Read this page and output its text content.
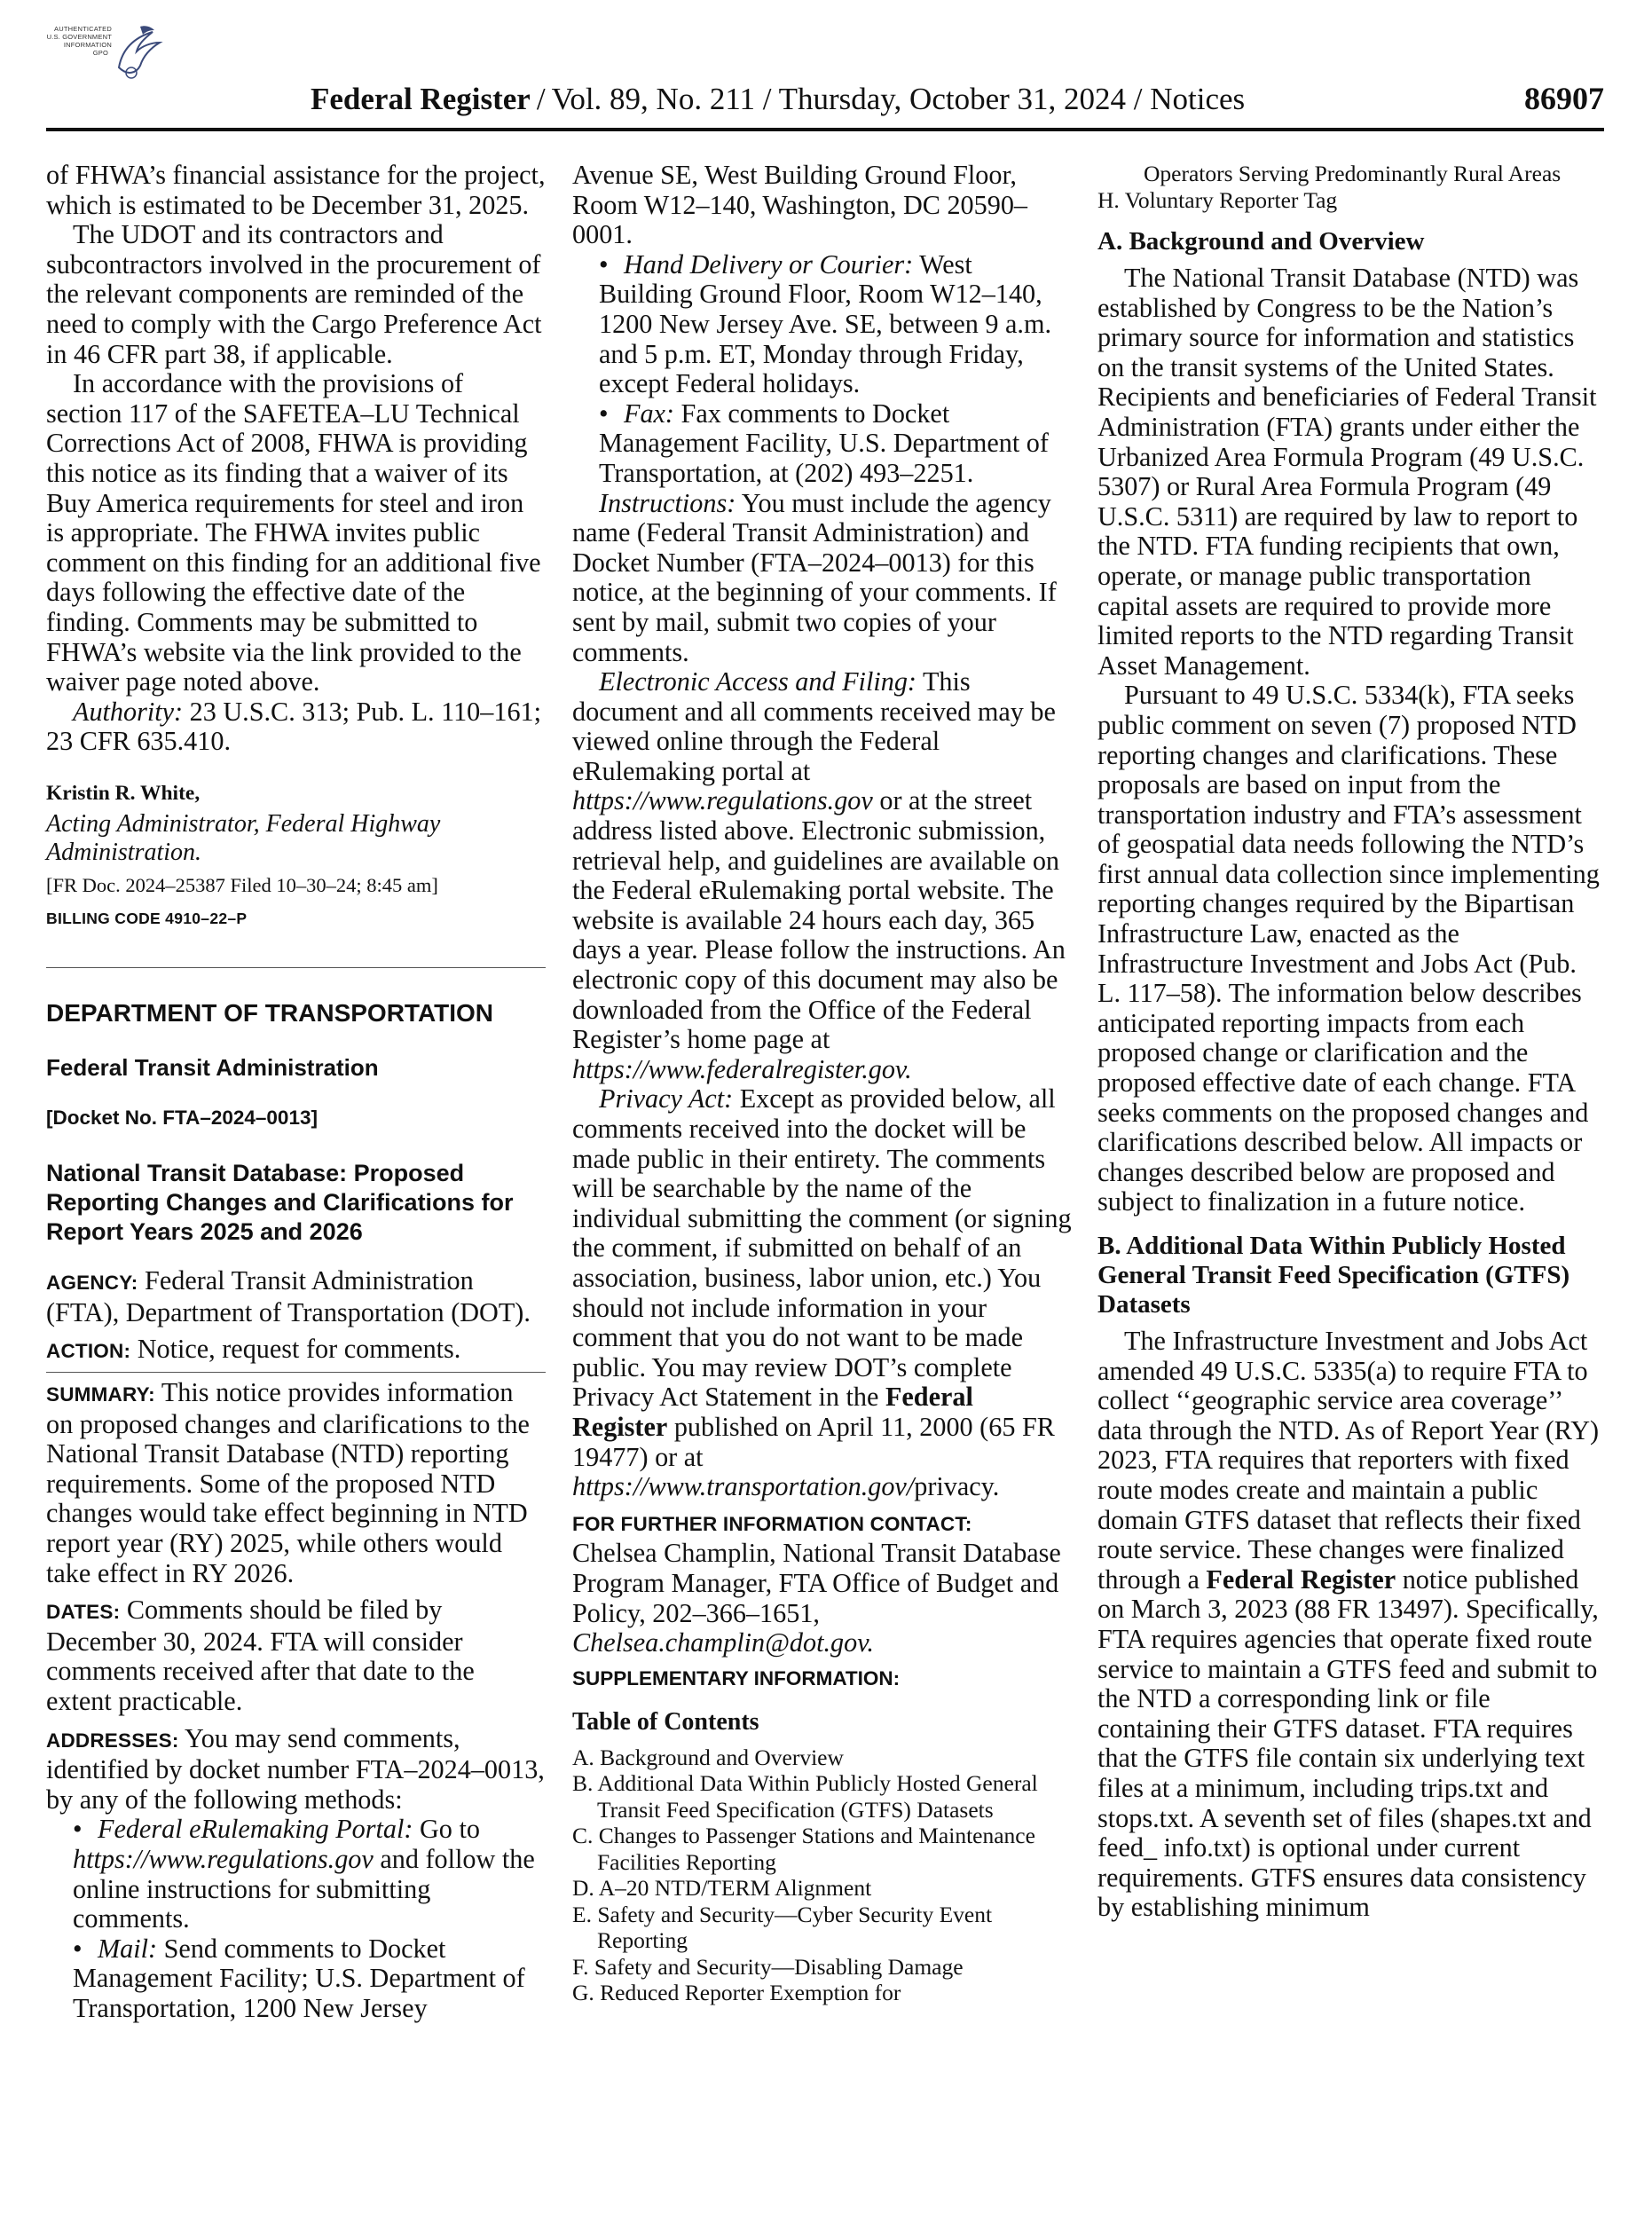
AUTHENTICATED
U.S. GOVERNMENT
INFORMATION
GPO
Federal Register / Vol. 89, No. 211 / Thursday, October 31, 2024 / Notices	86907

of FHWA’s financial assistance for the project, which is estimated to be December 31, 2025.

The UDOT and its contractors and subcontractors involved in the procurement of the relevant components are reminded of the need to comply with the Cargo Preference Act in 46 CFR part 38, if applicable.

In accordance with the provisions of section 117 of the SAFETEA–LU Technical Corrections Act of 2008, FHWA is providing this notice as its finding that a waiver of its Buy America requirements for steel and iron is appropriate. The FHWA invites public comment on this finding for an additional five days following the effective date of the finding. Comments may be submitted to FHWA’s website via the link provided to the waiver page noted above.

Authority: 23 U.S.C. 313; Pub. L. 110–161; 23 CFR 635.410.

Kristin R. White,
Acting Administrator, Federal Highway Administration.
[FR Doc. 2024–25387 Filed 10–30–24; 8:45 am]
BILLING CODE 4910–22–P
DEPARTMENT OF TRANSPORTATION
Federal Transit Administration
[Docket No. FTA–2024–0013]
National Transit Database: Proposed Reporting Changes and Clarifications for Report Years 2025 and 2026

AGENCY: Federal Transit Administration (FTA), Department of Transportation (DOT).

ACTION: Notice, request for comments.

SUMMARY: This notice provides information on proposed changes and clarifications to the National Transit Database (NTD) reporting requirements. Some of the proposed NTD changes would take effect beginning in NTD report year (RY) 2025, while others would take effect in RY 2026.

DATES: Comments should be filed by December 30, 2024. FTA will consider comments received after that date to the extent practicable.

ADDRESSES: You may send comments, identified by docket number FTA–2024–0013, by any of the following methods:

• Federal eRulemaking Portal: Go to https://www.regulations.gov and follow the online instructions for submitting comments.

• Mail: Send comments to Docket Management Facility; U.S. Department of Transportation, 1200 New Jersey

Avenue SE, West Building Ground Floor, Room W12–140, Washington, DC 20590–0001.

• Hand Delivery or Courier: West Building Ground Floor, Room W12–140, 1200 New Jersey Ave. SE, between 9 a.m. and 5 p.m. ET, Monday through Friday, except Federal holidays.

• Fax: Fax comments to Docket Management Facility, U.S. Department of Transportation, at (202) 493–2251.

Instructions: You must include the agency name (Federal Transit Administration) and Docket Number (FTA–2024–0013) for this notice, at the beginning of your comments. If sent by mail, submit two copies of your comments.

Electronic Access and Filing: This document and all comments received may be viewed online through the Federal eRulemaking portal at https://www.regulations.gov or at the street address listed above. Electronic submission, retrieval help, and guidelines are available on the Federal eRulemaking portal website. The website is available 24 hours each day, 365 days a year. Please follow the instructions. An electronic copy of this document may also be downloaded from the Office of the Federal Register’s home page at https://www.federalregister.gov.

Privacy Act: Except as provided below, all comments received into the docket will be made public in their entirety. The comments will be searchable by the name of the individual submitting the comment (or signing the comment, if submitted on behalf of an association, business, labor union, etc.) You should not include information in your comment that you do not want to be made public. You may review DOT’s complete Privacy Act Statement in the Federal Register published on April 11, 2000 (65 FR 19477) or at https://www.transportation.gov/privacy.

FOR FURTHER INFORMATION CONTACT:

Chelsea Champlin, National Transit Database Program Manager, FTA Office of Budget and Policy, 202–366–1651, Chelsea.champlin@dot.gov.

SUPPLEMENTARY INFORMATION:
Table of Contents

A. Background and Overview

B. Additional Data Within Publicly Hosted General Transit Feed Specification (GTFS) Datasets

C. Changes to Passenger Stations and Maintenance Facilities Reporting

D. A–20 NTD/TERM Alignment

E. Safety and Security—Cyber Security Event Reporting

F. Safety and Security—Disabling Damage

G. Reduced Reporter Exemption for

Operators Serving Predominantly Rural Areas

H. Voluntary Reporter Tag

A. Background and Overview

The National Transit Database (NTD) was established by Congress to be the Nation’s primary source for information and statistics on the transit systems of the United States. Recipients and beneficiaries of Federal Transit Administration (FTA) grants under either the Urbanized Area Formula Program (49 U.S.C. 5307) or Rural Area Formula Program (49 U.S.C. 5311) are required by law to report to the NTD. FTA funding recipients that own, operate, or manage public transportation capital assets are required to provide more limited reports to the NTD regarding Transit Asset Management.

Pursuant to 49 U.S.C. 5334(k), FTA seeks public comment on seven (7) proposed NTD reporting changes and clarifications. These proposals are based on input from the transportation industry and FTA’s assessment of geospatial data needs following the NTD’s first annual data collection since implementing reporting changes required by the Bipartisan Infrastructure Law, enacted as the Infrastructure Investment and Jobs Act (Pub. L. 117–58). The information below describes anticipated reporting impacts from each proposed change or clarification and the proposed effective date of each change. FTA seeks comments on the proposed changes and clarifications described below. All impacts or changes described below are proposed and subject to finalization in a future notice.

B. Additional Data Within Publicly Hosted General Transit Feed Specification (GTFS) Datasets

The Infrastructure Investment and Jobs Act amended 49 U.S.C. 5335(a) to require FTA to collect ‘‘geographic service area coverage’’ data through the NTD. As of Report Year (RY) 2023, FTA requires that reporters with fixed route modes create and maintain a public domain GTFS dataset that reflects their fixed route service. These changes were finalized through a Federal Register notice published on March 3, 2023 (88 FR 13497). Specifically, FTA requires agencies that operate fixed route service to maintain a GTFS feed and submit to the NTD a corresponding link or file containing their GTFS dataset. FTA requires that the GTFS file contain six underlying text files at a minimum, including trips.txt and stops.txt. A seventh set of files (shapes.txt and feed_ info.txt) is optional under current requirements. GTFS ensures data consistency by establishing minimum
